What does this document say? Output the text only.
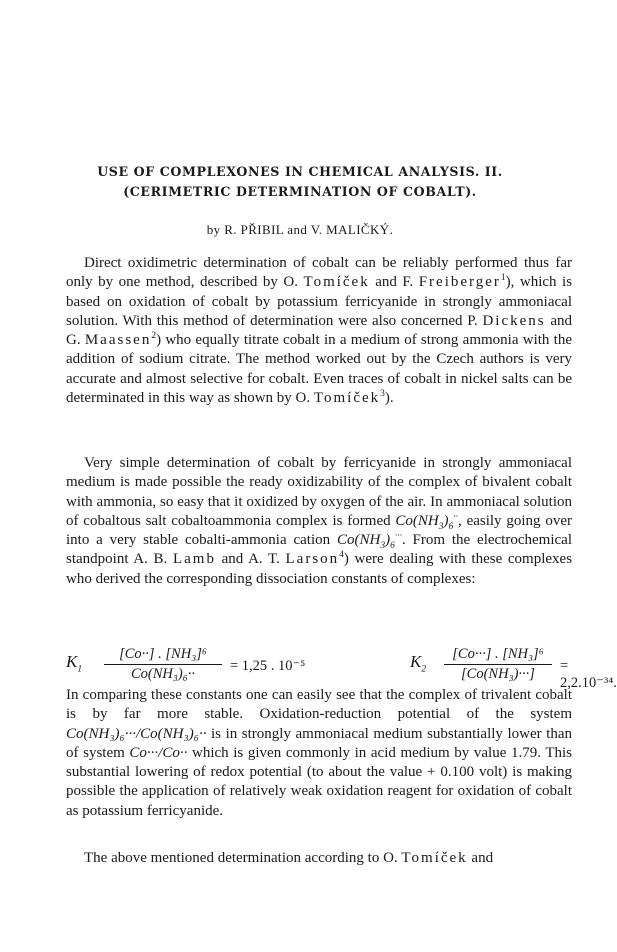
USE OF COMPLEXONES IN CHEMICAL ANALYSIS. II.
(CERIMETRIC DETERMINATION OF COBALT).

by R. PŘIBIL and V. MALIČKÝ.

Direct oxidimetric determination of cobalt can be reliably performed thus far only by one method, described by O. Tomíček and F. Freiberger$^1$), which is based on oxidation of cobalt by potassium ferricyanide in strongly ammoniacal solution. With this method of determination were also concerned P. Dickens and G. Maassen$^2$) who equally titrate cobalt in a medium of strong ammonia with the addition of sodium citrate. The method worked out by the Czech authors is very accurate and almost selective for cobalt. Even traces of cobalt in nickel salts can be determinated in this way as shown by O. Tomíček$^3$).

Very simple determination of cobalt by ferricyanide in strongly ammoniacal medium is made possible the ready oxidizability of the complex of bivalent cobalt with ammonia, so easy that it oxidized by oxygen of the air. In ammoniacal solution of cobaltous salt cobaltoammonia complex is formed $Co(NH_3)_6^{\cdot\cdot}$, easily going over into a very stable cobalti-ammonia cation $Co(NH_3)_6^{\cdot\cdot\cdot}$. From the electrochemical standpoint A. B. Lamb and A. T. Larson$^4$) were dealing with these complexes who derived the corresponding dissociation constants of complexes:

$K_1 \frac{\text{[Co··] . [NH₃]⁶}}{\text{Co(NH₃)₆··}} = 1,25$ . 10⁻⁵	$K_2 \frac{\text{[Co···] . [NH₃]⁶}}{\text{[Co(NH₃)···]}} = 2,2.10^{-34}$.

In comparing these constants one can easily see that the complex of trivalent cobalt is by far more stable. Oxidation-reduction potential of the system Co(NH₃)₆···/Co(NH₃)₆·· is in strongly ammoniacal medium substantially lower than of system Co···/Co·· which is given commonly in acid medium by value 1.79. This substantial lowering of redox potential (to about the value + 0.100 volt) is making possible the application of relatively weak oxidation reagent for oxidation of cobalt as potassium ferricyanide.

The above mentioned determination according to O. Tomíček and
